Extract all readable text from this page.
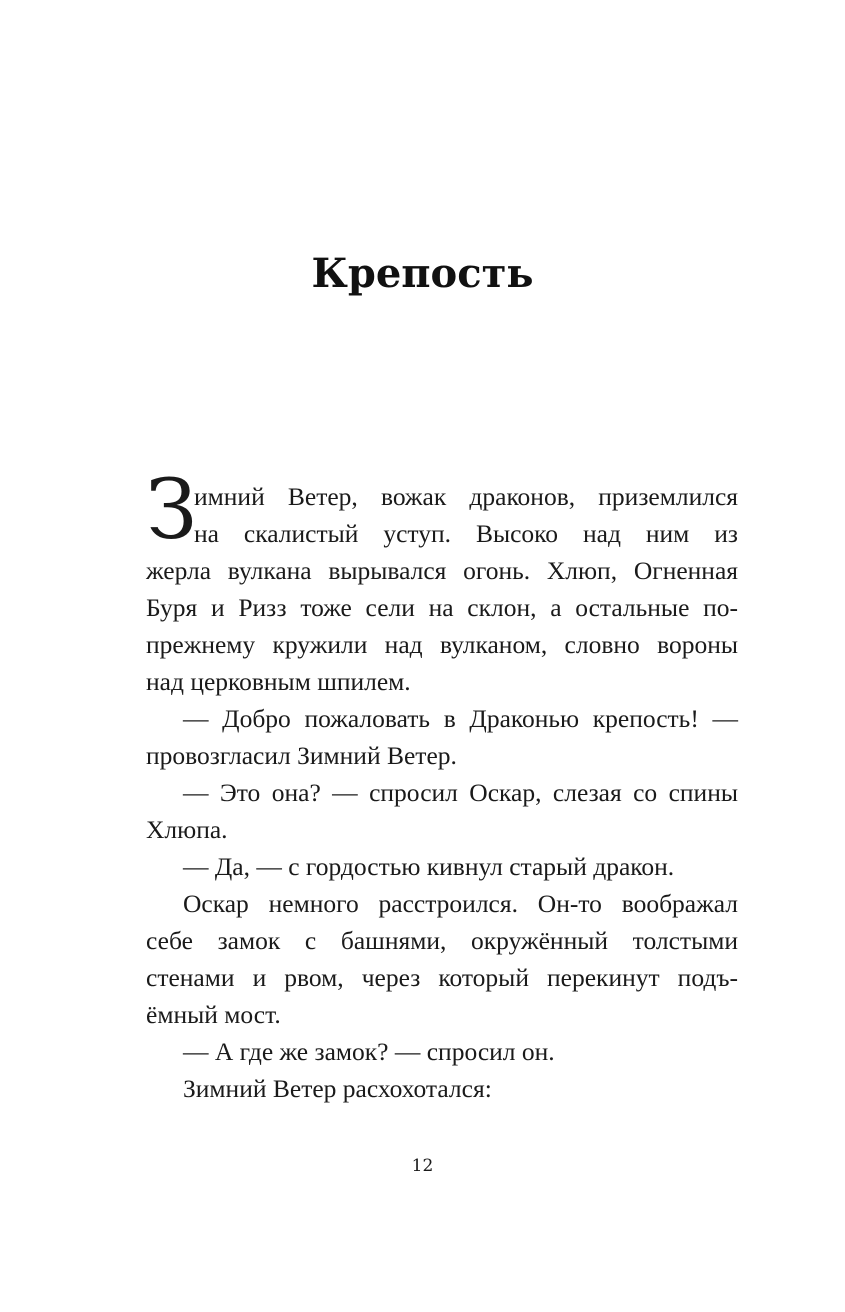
Крепость
З
имний Ветер, вожак драконов, приземлился
на скалистый уступ. Высоко над ним из
жерла вулкана вырывался огонь. Хлюп, Огненная
Буря и Ризз тоже сели на склон, а остальные по-
прежнему кружили над вулканом, словно вороны
над церковным шпилем.
— Добро пожаловать в Драконью крепость! —
провозгласил Зимний Ветер.
— Это она? — спросил Оскар, слезая со спины
Хлюпа.
— Да, — с гордостью кивнул старый дракон.
Оскар немного расстроился. Он-то воображал
себе замок с башнями, окружённый толстыми
стенами и рвом, через который перекинут подъ-
ёмный мост.
— А где же замок? — спросил он.
Зимний Ветер расхохотался:
12
